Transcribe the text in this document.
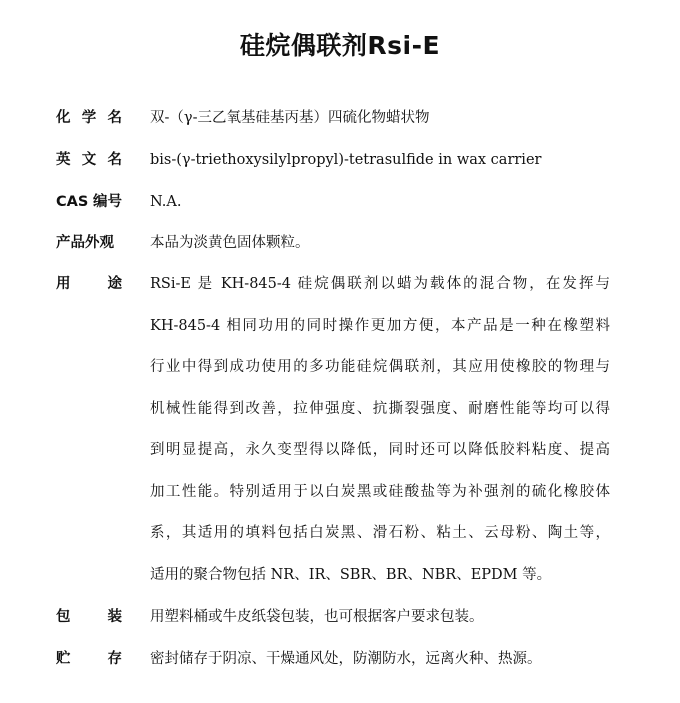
硅烷偶联剂Rsi-E
化 学 名 双-（γ-三乙氧基硅基丙基）四硫化物蜡状物
英 文 名 bis-(γ-triethoxysilylpropyl)-tetrasulfide in wax carrier
CAS 编号 N.A.
产品外观 本品为淡黄色固体颗粒。
用	途 RSi-E 是 KH-845-4 硅烷偶联剂以蜡为载体的混合物，在发挥与
KH-845-4 相同功用的同时操作更加方便，本产品是一种在橡塑料
行业中得到成功使用的多功能硅烷偶联剂，其应用使橡胶的物理与
机械性能得到改善，拉伸强度、抗撕裂强度、耐磨性能等均可以得
到明显提高，永久变型得以降低，同时还可以降低胶料粘度、提高
加工性能。特别适用于以白炭黑或硅酸盐等为补强剂的硫化橡胶体
系，其适用的填料包括白炭黑、滑石粉、粘土、云母粉、陶土等，
适用的聚合物包括 NR、IR、SBR、BR、NBR、EPDM 等。
包	装 用塑料桶或牛皮纸袋包装，也可根据客户要求包装。
贮	存 密封储存于阴凉、干燥通风处，防潮防水，远离火种、热源。
